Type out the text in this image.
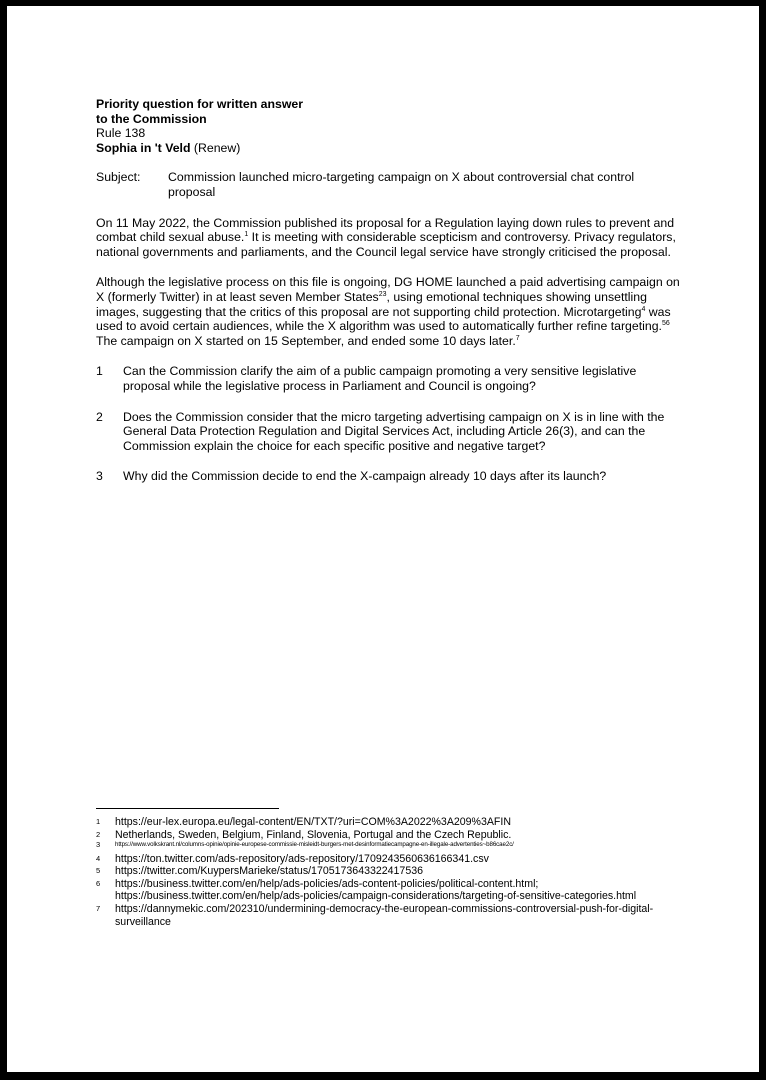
Priority question for written answer

to the Commission

Rule 138

Sophia in 't Veld (Renew)

Subject:	Commission launched micro-targeting campaign on X about controversial chat control proposal

On 11 May 2022, the Commission published its proposal for a Regulation laying down rules to prevent and combat child sexual abuse.$^1$ It is meeting with considerable scepticism and controversy. Privacy regulators, national governments and parliaments, and the Council legal service have strongly criticised the proposal.

Although the legislative process on this file is ongoing, DG HOME launched a paid advertising campaign on X (formerly Twitter) in at least seven Member States$^{23}$, using emotional techniques showing unsettling images, suggesting that the critics of this proposal are not supporting child protection. Microtargeting$^4$ was used to avoid certain audiences, while the X algorithm was used to automatically further refine targeting.$^{56}$ The campaign on X started on 15 September, and ended some 10 days later.$^7$

1	Can the Commission clarify the aim of a public campaign promoting a very sensitive legislative proposal while the legislative process in Parliament and Council is ongoing?
2	Does the Commission consider that the micro targeting advertising campaign on X is in line with the General Data Protection Regulation and Digital Services Act, including Article 26(3), and can the Commission explain the choice for each specific positive and negative target?
3	Why did the Commission decide to end the X-campaign already 10 days after its launch?
1	https://eur-lex.europa.eu/legal-content/EN/TXT/?uri=COM%3A2022%3A209%3AFIN
2	Netherlands, Sweden, Belgium, Finland, Slovenia, Portugal and the Czech Republic.
3	https://www.volkskrant.nl/columns-opinie/opinie-europese-commissie-misleidt-burgers-met-desinformatiecampagne-en-illegale-advertenties~b86cae2c/
4	https://ton.twitter.com/ads-repository/ads-repository/1709243560636166341.csv
5	https://twitter.com/KuypersMarieke/status/1705173643322417536
6	https://business.twitter.com/en/help/ads-policies/ads-content-policies/political-content.html; https://business.twitter.com/en/help/ads-policies/campaign-considerations/targeting-of-sensitive-categories.html
7	https://dannymekic.com/202310/undermining-democracy-the-european-commissions-controversial-push-for-digital-surveillance
